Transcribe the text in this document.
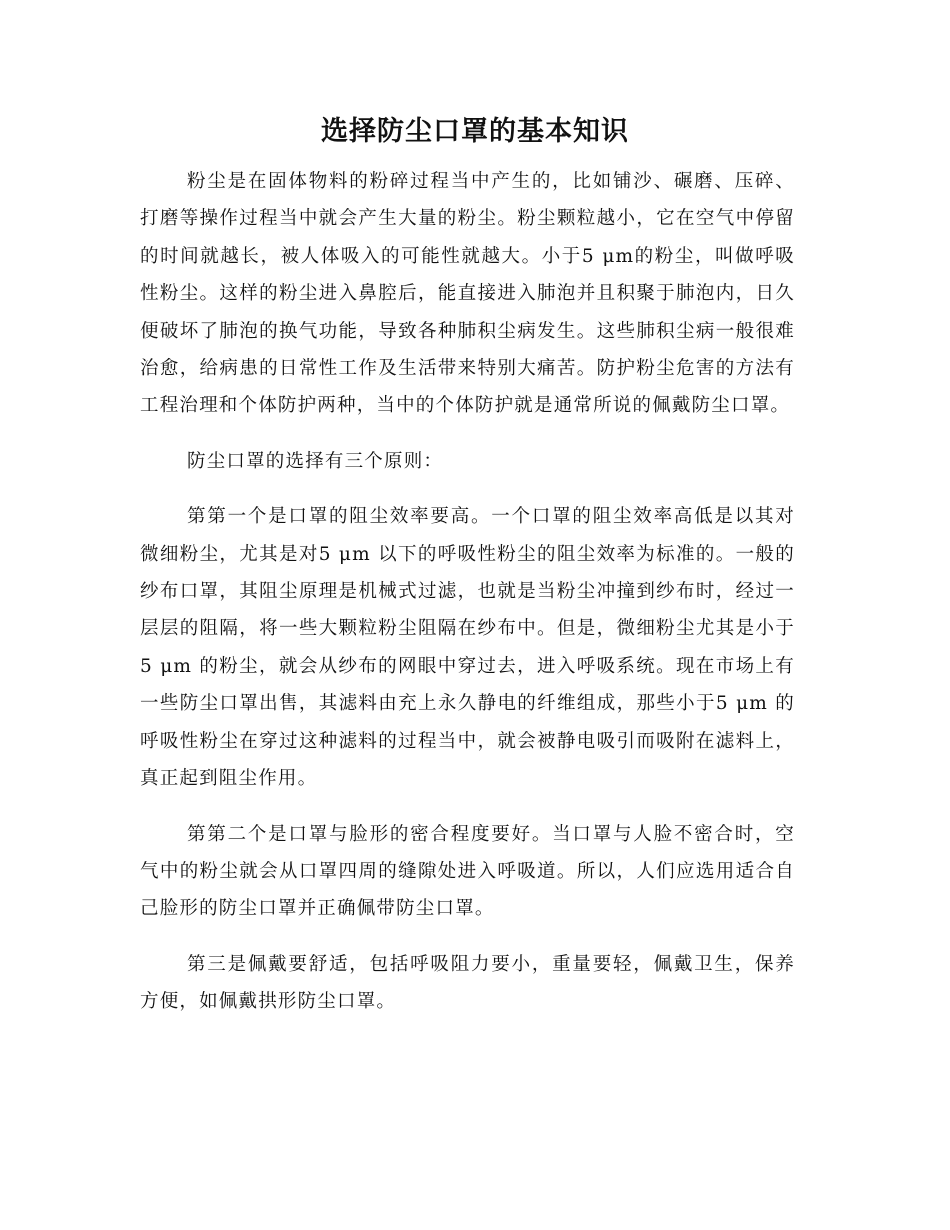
选择防尘口罩的基本知识

粉尘是在固体物料的粉碎过程当中产生的，比如铺沙、碾磨、压碎、打磨等操作过程当中就会产生大量的粉尘。粉尘颗粒越小，它在空气中停留的时间就越长，被人体吸入的可能性就越大。小于5 μm的粉尘，叫做呼吸性粉尘。这样的粉尘进入鼻腔后，能直接进入肺泡并且积聚于肺泡内，日久便破坏了肺泡的换气功能，导致各种肺积尘病发生。这些肺积尘病一般很难治愈，给病患的日常性工作及生活带来特别大痛苦。防护粉尘危害的方法有工程治理和个体防护两种，当中的个体防护就是通常所说的佩戴防尘口罩。

防尘口罩的选择有三个原则：

第第一个是口罩的阻尘效率要高。一个口罩的阻尘效率高低是以其对微细粉尘，尤其是对5 μm 以下的呼吸性粉尘的阻尘效率为标准的。一般的纱布口罩，其阻尘原理是机械式过滤，也就是当粉尘冲撞到纱布时，经过一层层的阻隔，将一些大颗粒粉尘阻隔在纱布中。但是，微细粉尘尤其是小于5 μm 的粉尘，就会从纱布的网眼中穿过去，进入呼吸系统。现在市场上有一些防尘口罩出售，其滤料由充上永久静电的纤维组成，那些小于5 μm 的呼吸性粉尘在穿过这种滤料的过程当中，就会被静电吸引而吸附在滤料上，真正起到阻尘作用。

第第二个是口罩与脸形的密合程度要好。当口罩与人脸不密合时，空气中的粉尘就会从口罩四周的缝隙处进入呼吸道。所以，人们应选用适合自己脸形的防尘口罩并正确佩带防尘口罩。

第三是佩戴要舒适，包括呼吸阻力要小，重量要轻，佩戴卫生，保养方便，如佩戴拱形防尘口罩。
